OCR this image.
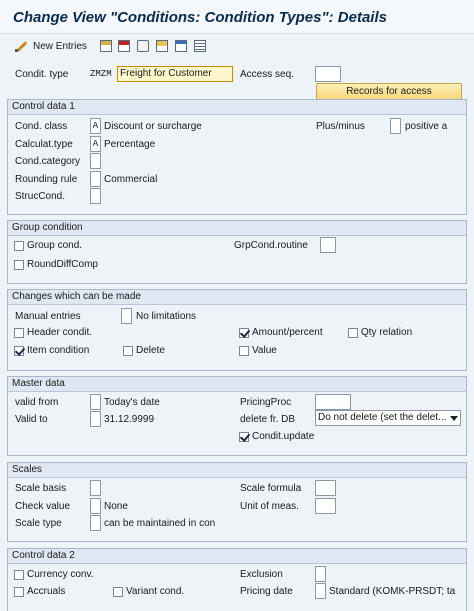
Change View "Conditions: Condition Types": Details
New Entries
Condit. type ZMZM Freight for Customer	Access seq.
Records for access
Control data 1
Cond. class	A Discount or surcharge	Plus/minus	positive a
Calculat.type	A Percentage
Cond.category
Rounding rule	Commercial
StrucCond.
Group condition
Group cond.	GrpCond.routine
RoundDiffComp
Changes which can be made
Manual entries	No limitations
Header condit.	Amount/percent	Qty relation
Item condition	Delete	Value
Master data
valid from	Today's date	PricingProc
Valid to	31.12.9999	delete fr. DB	Do not delete (set the delet...
Condit.update
Scales
Scale basis	Scale formula
Check value	None	Unit of meas.
Scale type	can be maintained in con
Control data 2
Currency conv.	Exclusion
Accruals	Variant cond.	Pricing date	Standard (KOMK-PRSDT; ta
